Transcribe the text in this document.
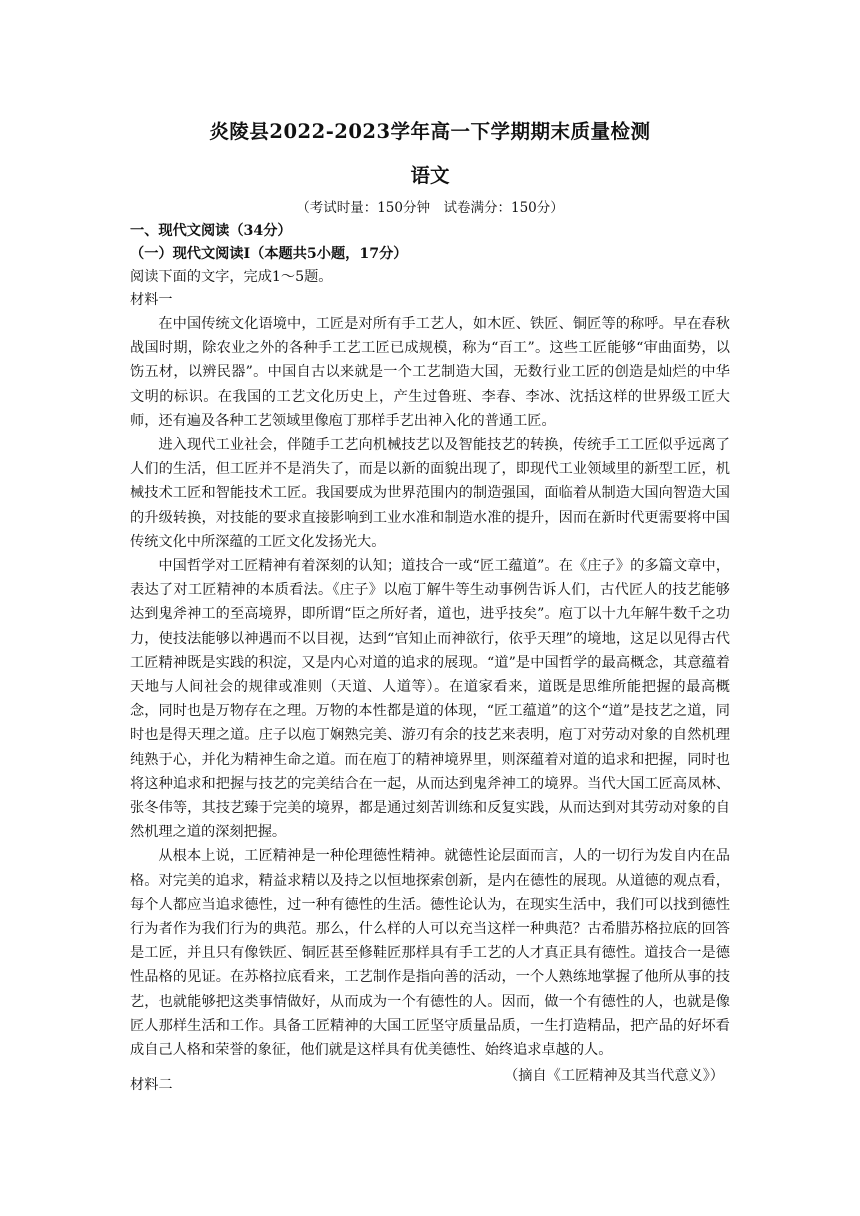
炎陵县2022-2023学年高一下学期期末质量检测
语文
（考试时量：150分钟　试卷满分：150分）
一、现代文阅读（34分）
（一）现代文阅读Ⅰ（本题共5小题，17分）
阅读下面的文字，完成1～5题。
材料一

在中国传统文化语境中，工匠是对所有手工艺人，如木匠、铁匠、铜匠等的称呼。早在春秋战国时期，除农业之外的各种手工艺工匠已成规模，称为“百工”。这些工匠能够“审曲面势，以饬五材，以辨民器”。中国自古以来就是一个工艺制造大国，无数行业工匠的创造是灿烂的中华文明的标识。在我国的工艺文化历史上，产生过鲁班、李春、李冰、沈括这样的世界级工匠大师，还有遍及各种工艺领域里像庖丁那样手艺出神入化的普通工匠。

进入现代工业社会，伴随手工艺向机械技艺以及智能技艺的转换，传统手工工匠似乎远离了人们的生活，但工匠并不是消失了，而是以新的面貌出现了，即现代工业领域里的新型工匠，机械技术工匠和智能技术工匠。我国要成为世界范围内的制造强国，面临着从制造大国向智造大国的升级转换，对技能的要求直接影响到工业水准和制造水准的提升，因而在新时代更需要将中国传统文化中所深蕴的工匠文化发扬光大。

中国哲学对工匠精神有着深刻的认知；道技合一或“匠工蕴道”。在《庄子》的多篇文章中，表达了对工匠精神的本质看法。《庄子》以庖丁解牛等生动事例告诉人们，古代匠人的技艺能够达到鬼斧神工的至高境界，即所谓“臣之所好者，道也，进乎技矣”。庖丁以十九年解牛数千之功力，使技法能够以神遇而不以目视，达到“官知止而神欲行，依乎天理”的境地，这足以见得古代工匠精神既是实践的积淀，又是内心对道的追求的展现。“道”是中国哲学的最高概念，其意蕴着天地与人间社会的规律或准则（天道、人道等）。在道家看来，道既是思维所能把握的最高概念，同时也是万物存在之理。万物的本性都是道的体现，“匠工蕴道”的这个“道”是技艺之道，同时也是得天理之道。庄子以庖丁娴熟完美、游刃有余的技艺来表明，庖丁对劳动对象的自然机理纯熟于心，并化为精神生命之道。而在庖丁的精神境界里，则深蕴着对道的追求和把握，同时也将这种追求和把握与技艺的完美结合在一起，从而达到鬼斧神工的境界。当代大国工匠高凤林、张冬伟等，其技艺臻于完美的境界，都是通过刻苦训练和反复实践，从而达到对其劳动对象的自然机理之道的深刻把握。

从根本上说，工匠精神是一种伦理德性精神。就德性论层面而言，人的一切行为发自内在品格。对完美的追求，精益求精以及持之以恒地探索创新，是内在德性的展现。从道德的观点看，每个人都应当追求德性，过一种有德性的生活。德性论认为，在现实生活中，我们可以找到德性行为者作为我们行为的典范。那么，什么样的人可以充当这样一种典范？古希腊苏格拉底的回答是工匠，并且只有像铁匠、铜匠甚至修鞋匠那样具有手工艺的人才真正具有德性。道技合一是德性品格的见证。在苏格拉底看来，工艺制作是指向善的活动，一个人熟练地掌握了他所从事的技艺，也就能够把这类事情做好，从而成为一个有德性的人。因而，做一个有德性的人，也就是像匠人那样生活和工作。具备工匠精神的大国工匠坚守质量品质，一生打造精品，把产品的好坏看成自己人格和荣誉的象征，他们就是这样具有优美德性、始终追求卓越的人。

（摘自《工匠精神及其当代意义》）
材料二
